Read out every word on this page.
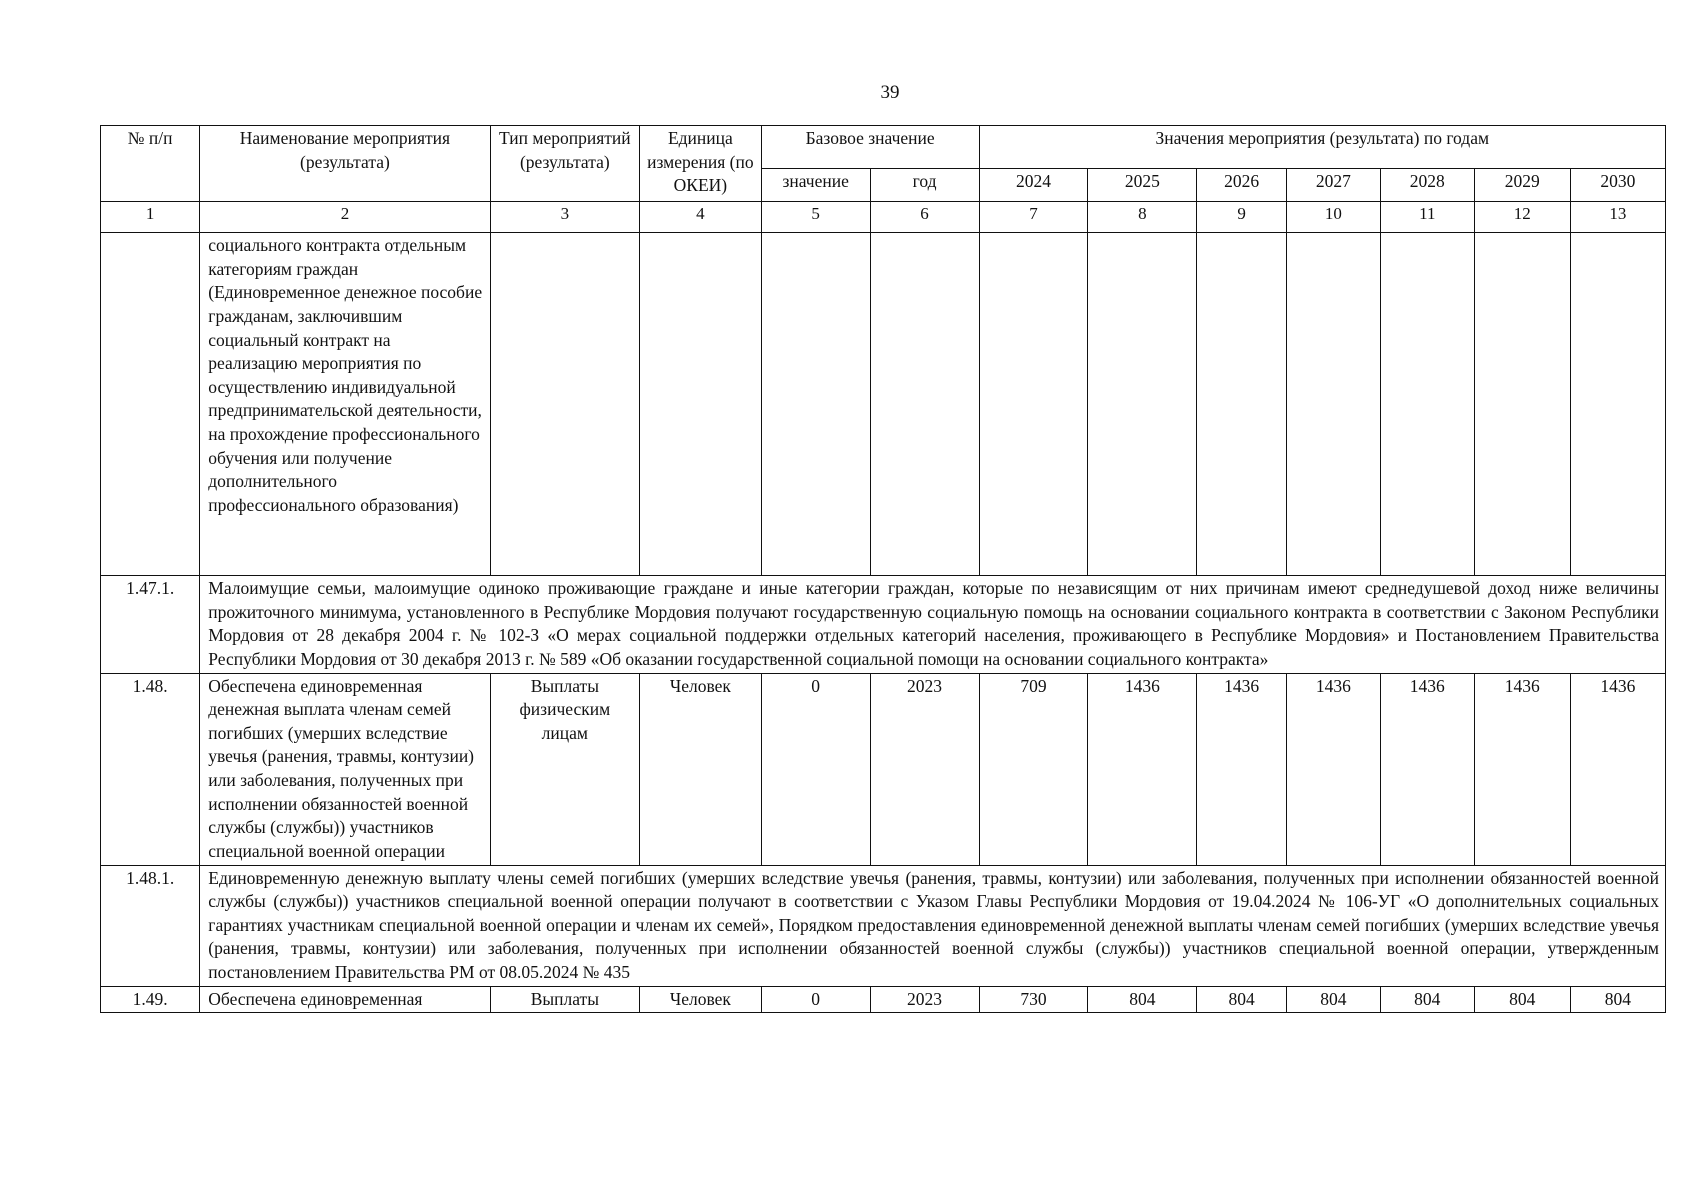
39
№ п/п	Наименование мероприятия (результата)	Тип мероприятий (результата)	Единица измерения (по ОКЕИ)	Базовое значение		Значения мероприятия (результата) по годам						
				значение	год	2024	2025	2026	2027	2028	2029	2030
1	2	3	4	5	6	7	8	9	10	11	12	13
	социального контракта отдельным категориям граждан (Единовременное денежное пособие гражданам, заключившим социальный контракт на реализацию мероприятия по осуществлению индивидуальной предпринимательской деятельности, на прохождение профессионального обучения или получение дополнительного профессионального образования)											
1.47.1.	Малоимущие семьи, малоимущие одиноко проживающие граждане и иные категории граждан, которые по независящим от них причинам имеют среднедушевой доход ниже величины прожиточного минимума, установленного в Республике Мордовия получают государственную социальную помощь на основании социального контракта в соответствии с Законом Республики Мордовия от 28 декабря 2004 г. № 102-З «О мерах социальной поддержки отдельных категорий населения, проживающего в Республике Мордовия» и Постановлением Правительства Республики Мордовия от 30 декабря 2013 г. № 589 «Об оказании государственной социальной помощи на основании социального контракта»											
1.48.	Обеспечена единовременная денежная выплата членам семей погибших (умерших вследствие увечья (ранения, травмы, контузии) или заболевания, полученных при исполнении обязанностей военной службы (службы)) участников специальной военной операции	Выплаты физическим лицам	Человек	0	2023	709	1436	1436	1436	1436	1436	1436
1.48.1.	Единовременную денежную выплату члены семей погибших (умерших вследствие увечья (ранения, травмы, контузии) или заболевания, полученных при исполнении обязанностей военной службы (службы)) участников специальной военной операции получают в соответствии с Указом Главы Республики Мордовия от 19.04.2024 № 106-УГ «О дополнительных социальных гарантиях участникам специальной военной операции и членам их семей», Порядком предоставления единовременной денежной выплаты членам семей погибших (умерших вследствие увечья (ранения, травмы, контузии) или заболевания, полученных при исполнении обязанностей военной службы (службы)) участников специальной военной операции, утвержденным постановлением Правительства РМ от 08.05.2024 № 435											
1.49.	Обеспечена единовременная	Выплаты	Человек	0	2023	730	804	804	804	804	804	804
